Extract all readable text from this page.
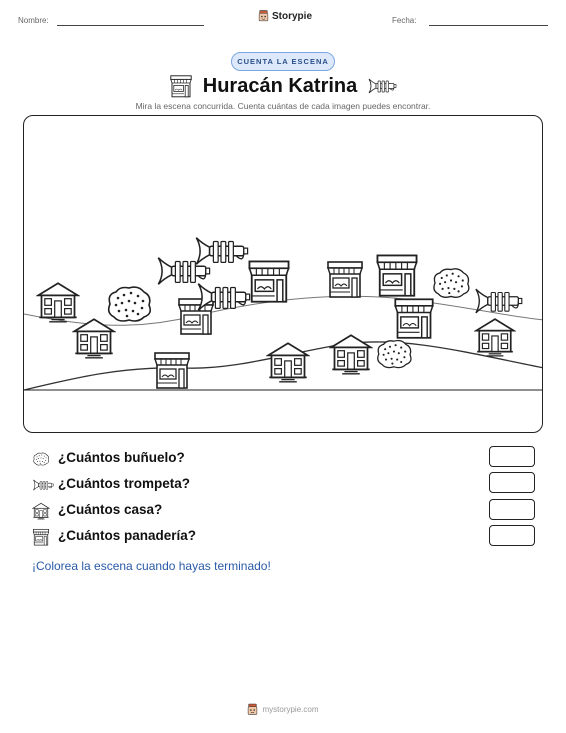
Nombre:	Storypie	Fecha:
CUENTA LA ESCENA
Huracán Katrina
Mira la escena concurrida. Cuenta cuántas de cada imagen puedes encontrar.
¿Cuántos buñuelo?
¿Cuántos trompeta?
¿Cuántos casa?
¿Cuántos panadería?
¡Colorea la escena cuando hayas terminado!
mystorypie.com
